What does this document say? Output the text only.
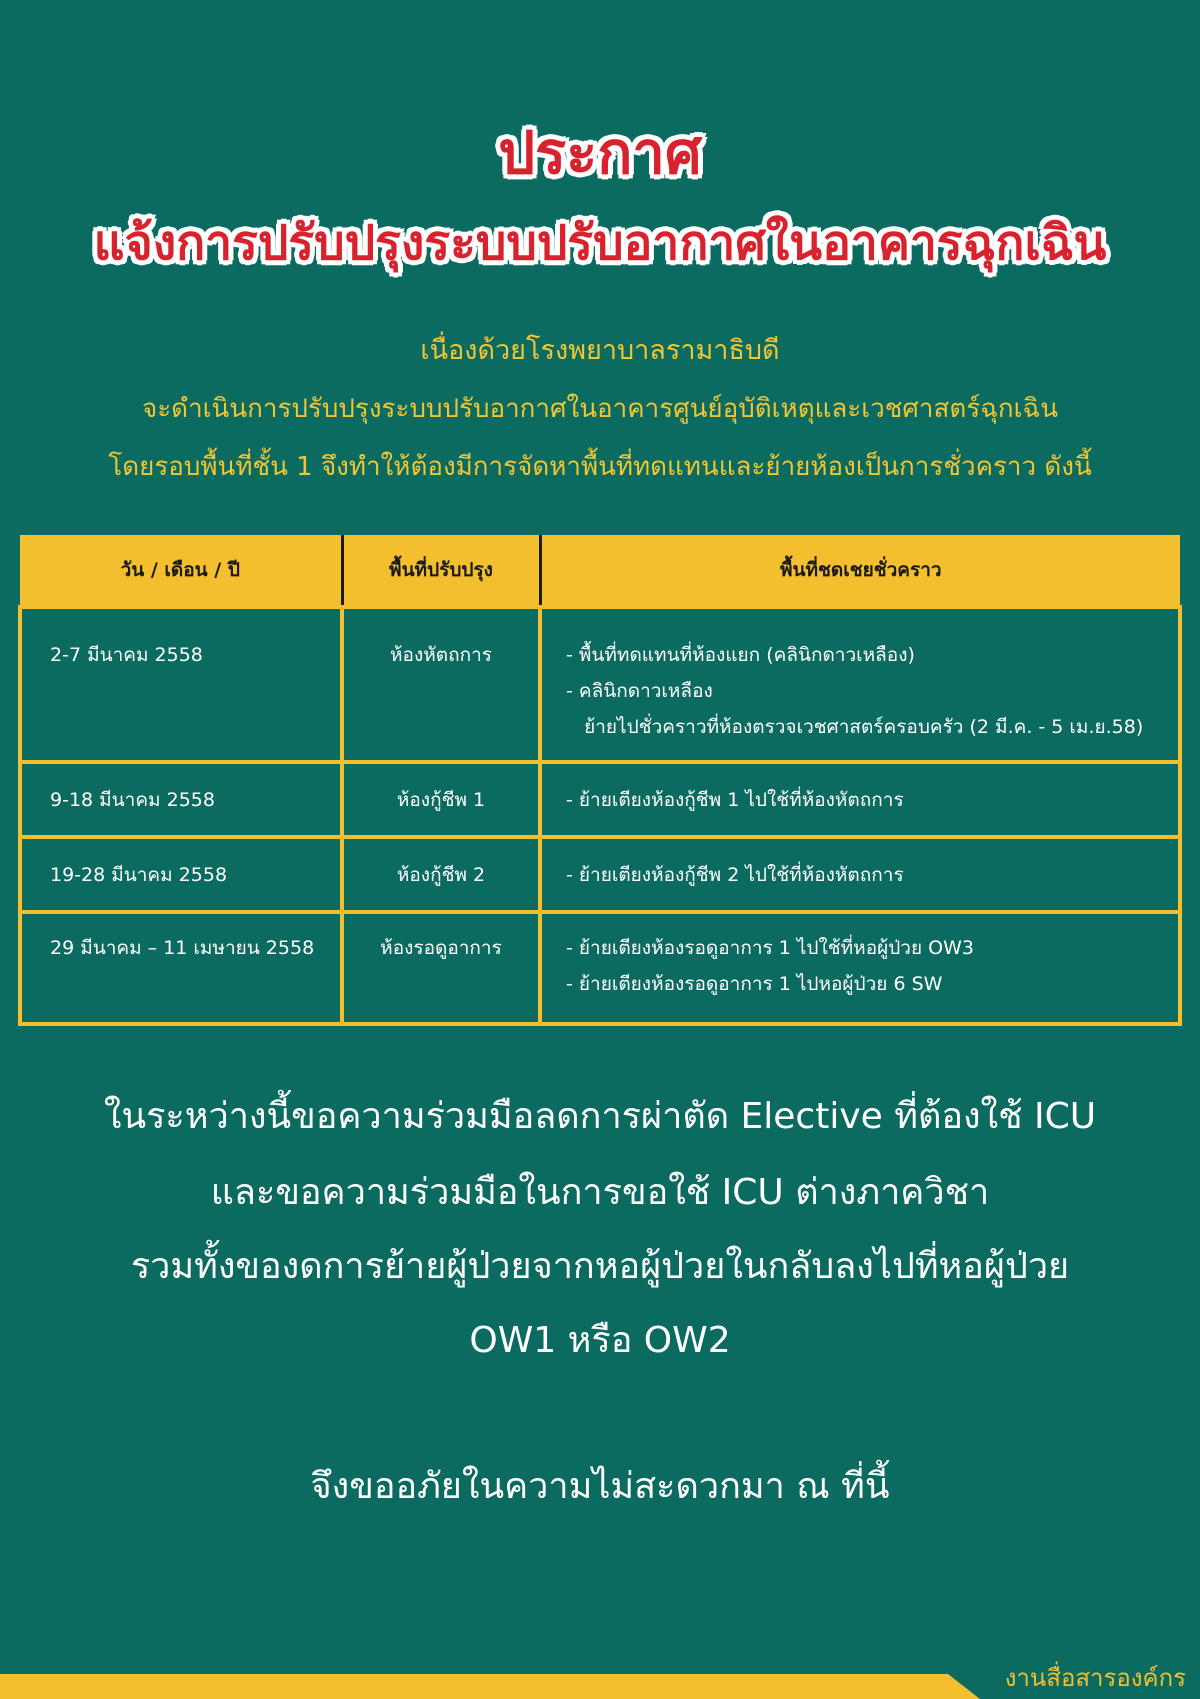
ประกาศ
แจ้งการปรับปรุงระบบปรับอากาศในอาคารฉุกเฉิน
เนื่องด้วยโรงพยาบาลรามาธิบดี
จะดำเนินการปรับปรุงระบบปรับอากาศในอาคารศูนย์อุบัติเหตุและเวชศาสตร์ฉุกเฉิน
โดยรอบพื้นที่ชั้น 1 จึงทำให้ต้องมีการจัดหาพื้นที่ทดแทนและย้ายห้องเป็นการชั่วคราว ดังนี้
วัน / เดือน / ปี	พื้นที่ปรับปรุง	พื้นที่ชดเชยชั่วคราว
2-7 มีนาคม 2558	ห้องหัตถการ	- พื้นที่ทดแทนที่ห้องแยก (คลินิกดาวเหลือง)
- คลินิกดาวเหลือง
ย้ายไปชั่วคราวที่ห้องตรวจเวชศาสตร์ครอบครัว (2 มี.ค. - 5 เม.ย.58)

9-18 มีนาคม 2558	ห้องกู้ชีพ 1	- ย้ายเตียงห้องกู้ชีพ 1 ไปใช้ที่ห้องหัตถการ

19-28 มีนาคม 2558	ห้องกู้ชีพ 2	- ย้ายเตียงห้องกู้ชีพ 2 ไปใช้ที่ห้องหัตถการ

29 มีนาคม – 11 เมษายน 2558	ห้องรอดูอาการ	- ย้ายเตียงห้องรอดูอาการ 1 ไปใช้ที่หอผู้ป่วย OW3
- ย้ายเตียงห้องรอดูอาการ 1 ไปหอผู้ป่วย 6 SW
ในระหว่างนี้ขอความร่วมมือลดการผ่าตัด Elective ที่ต้องใช้ ICU
และขอความร่วมมือในการขอใช้ ICU ต่างภาควิชา
รวมทั้งของดการย้ายผู้ป่วยจากหอผู้ป่วยในกลับลงไปที่หอผู้ป่วย
OW1 หรือ OW2
จึงขออภัยในความไม่สะดวกมา ณ ที่นี้
งานสื่อสารองค์กร
